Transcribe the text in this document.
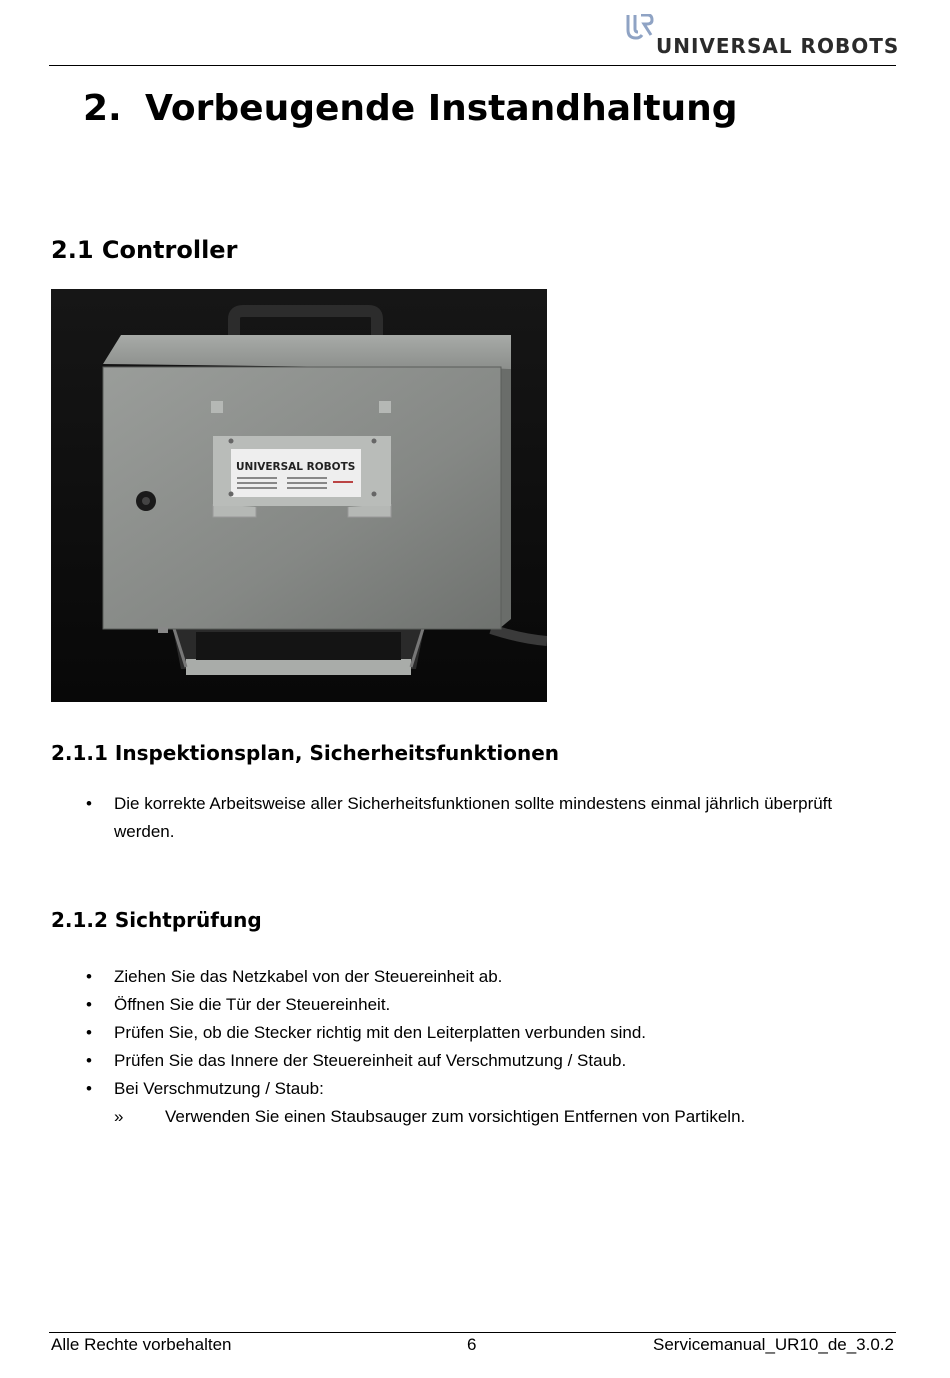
UNIVERSAL ROBOTS
2. Vorbeugende Instandhaltung
2.1 Controller
UNIVERSAL ROBOTS
2.1.1 Inspektionsplan, Sicherheitsfunktionen
• Die korrekte Arbeitsweise aller Sicherheitsfunktionen sollte mindestens einmal jährlich überprüft werden.
2.1.2 Sichtprüfung
• Ziehen Sie das Netzkabel von der Steuereinheit ab.
• Öffnen Sie die Tür der Steuereinheit.
• Prüfen Sie, ob die Stecker richtig mit den Leiterplatten verbunden sind.
• Prüfen Sie das Innere der Steuereinheit auf Verschmutzung / Staub.
• Bei Verschmutzung / Staub:
» Verwenden Sie einen Staubsauger zum vorsichtigen Entfernen von Partikeln.
Alle Rechte vorbehalten	6	Servicemanual_UR10_de_3.0.2
